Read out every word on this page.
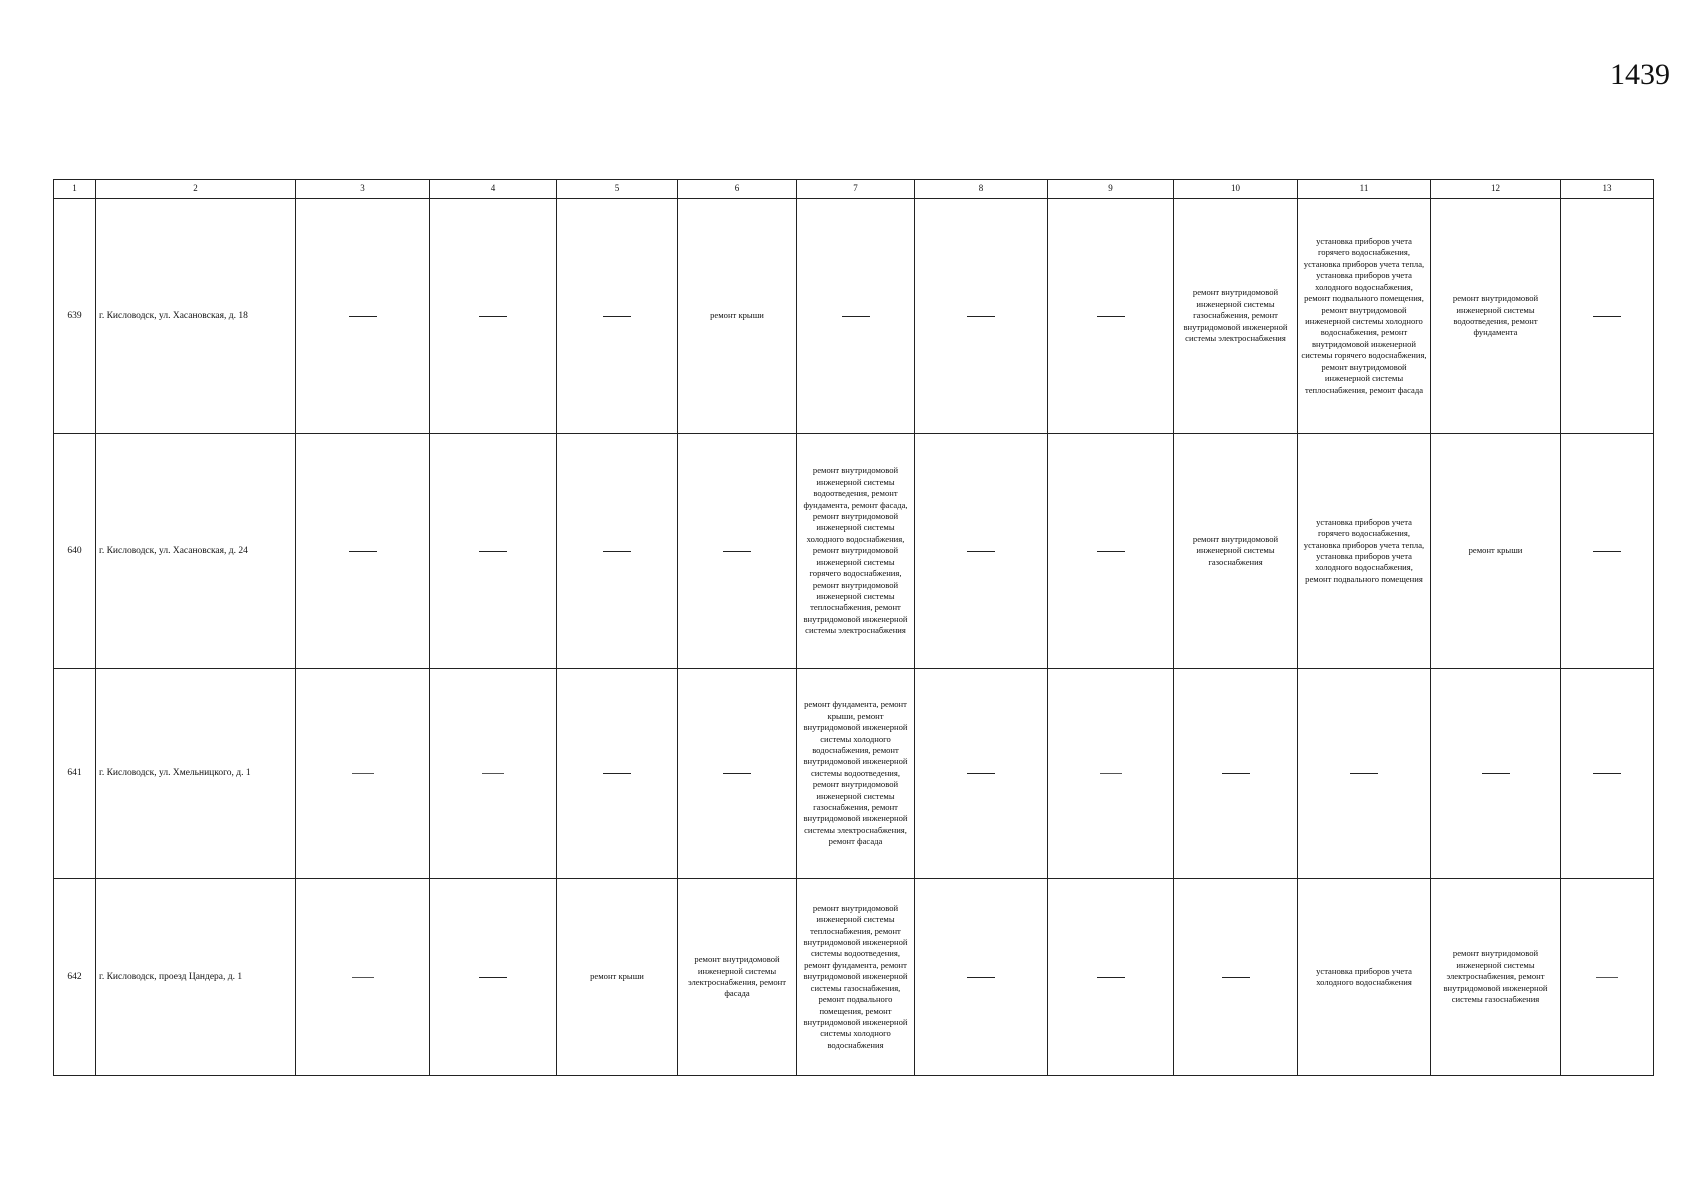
1439
1	2	3	4	5	6	7	8	9	10	11	12	13
639	г. Кисловодск, ул. Хасановская, д. 18				ремонт крыши				ремонт внутридомовой инженерной системы газоснабжения, ремонт внутридомовой инженерной системы электроснабжения	установка приборов учета горячего водоснабжения, установка приборов учета тепла, установка приборов учета холодного водоснабжения, ремонт подвального помещения, ремонт внутридомовой инженерной системы холодного водоснабжения, ремонт внутридомовой инженерной системы горячего водоснабжения, ремонт внутридомовой инженерной системы теплоснабжения, ремонт фасада	ремонт внутридомовой инженерной системы водоотведения, ремонт фундамента	
640	г. Кисловодск, ул. Хасановская, д. 24					ремонт внутридомовой инженерной системы водоотведения, ремонт фундамента, ремонт фасада, ремонт внутридомовой инженерной системы холодного водоснабжения, ремонт внутридомовой инженерной системы горячего водоснабжения, ремонт внутридомовой инженерной системы теплоснабжения, ремонт внутридомовой инженерной системы электроснабжения			ремонт внутридомовой инженерной системы газоснабжения	установка приборов учета горячего водоснабжения, установка приборов учета тепла, установка приборов учета холодного водоснабжения, ремонт подвального помещения	ремонт крыши	
641	г. Кисловодск, ул. Хмельницкого, д. 1					ремонт фундамента, ремонт крыши, ремонт внутридомовой инженерной системы холодного водоснабжения, ремонт внутридомовой инженерной системы водоотведения, ремонт внутридомовой инженерной системы газоснабжения, ремонт внутридомовой инженерной системы электроснабжения, ремонт фасада						
642	г. Кисловодск, проезд Цандера, д. 1			ремонт крыши	ремонт внутридомовой инженерной системы электроснабжения, ремонт фасада	ремонт внутридомовой инженерной системы теплоснабжения, ремонт внутридомовой инженерной системы водоотведения, ремонт фундамента, ремонт внутридомовой инженерной системы газоснабжения, ремонт подвального помещения, ремонт внутридомовой инженерной системы холодного водоснабжения				установка приборов учета холодного водоснабжения	ремонт внутридомовой инженерной системы электроснабжения, ремонт внутридомовой инженерной системы газоснабжения	
